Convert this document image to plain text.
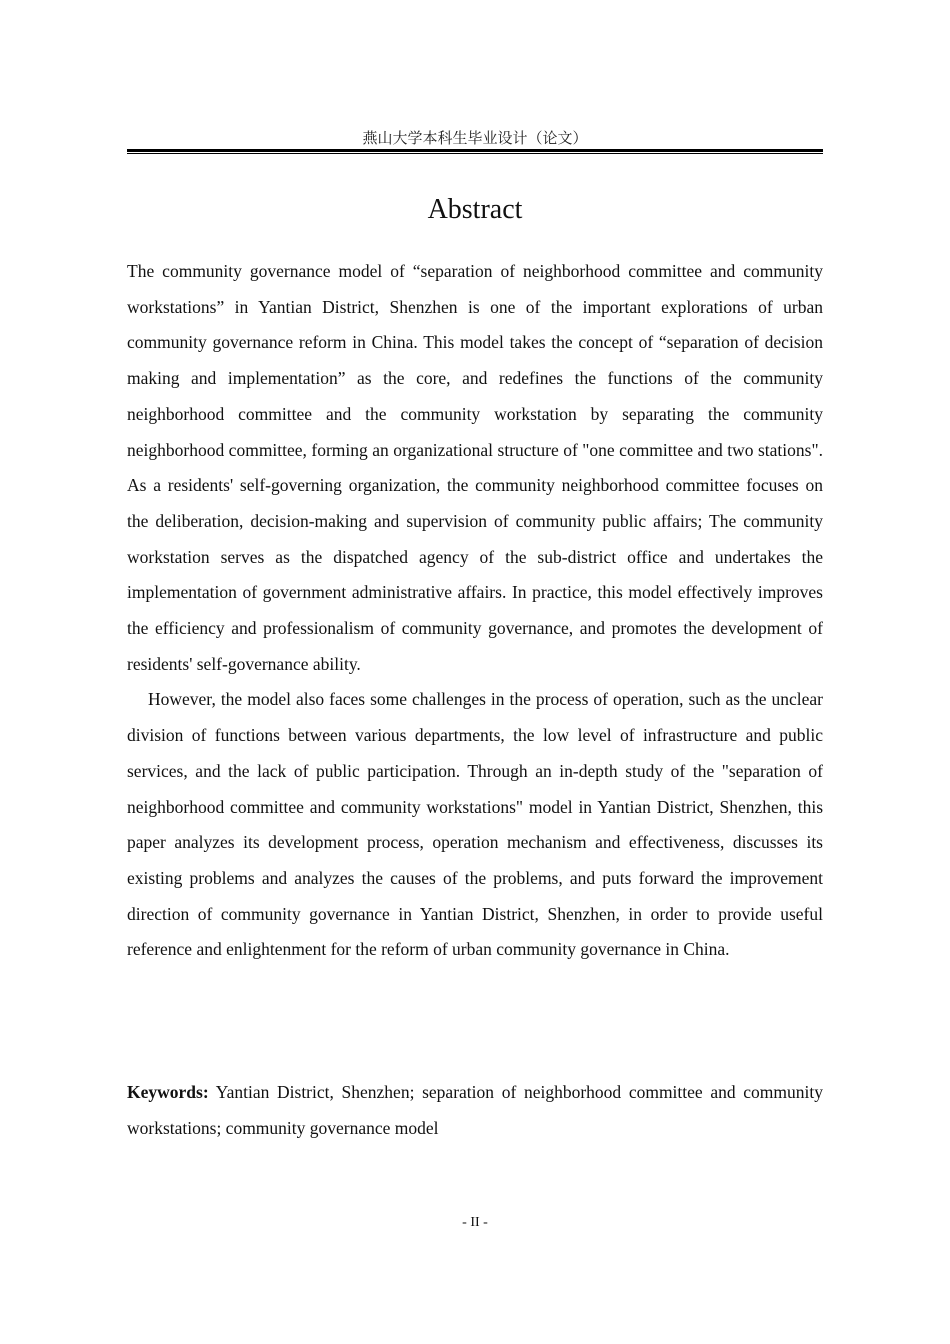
燕山大学本科生毕业设计（论文）
Abstract

The community governance model of “separation of neighborhood committee and community workstations” in Yantian District, Shenzhen is one of the important explorations of urban community governance reform in China. This model takes the concept of “separation of decision making and implementation” as the core, and redefines the functions of the community neighborhood committee and the community workstation by separating the community neighborhood committee, forming an organizational structure of "one committee and two stations". As a residents' self-governing organization, the community neighborhood committee focuses on the deliberation, decision-making and supervision of community public affairs; The community workstation serves as the dispatched agency of the sub-district office and undertakes the implementation of government administrative affairs. In practice, this model effectively improves the efficiency and professionalism of community governance, and promotes the development of residents' self-governance ability.

However, the model also faces some challenges in the process of operation, such as the unclear division of functions between various departments, the low level of infrastructure and public services, and the lack of public participation. Through an in-depth study of the "separation of neighborhood committee and community workstations" model in Yantian District, Shenzhen, this paper analyzes its development process, operation mechanism and effectiveness, discusses its existing problems and analyzes the causes of the problems, and puts forward the improvement direction of community governance in Yantian District, Shenzhen, in order to provide useful reference and enlightenment for the reform of urban community governance in China.

Keywords: Yantian District, Shenzhen; separation of neighborhood committee and community workstations; community governance model
- II -
